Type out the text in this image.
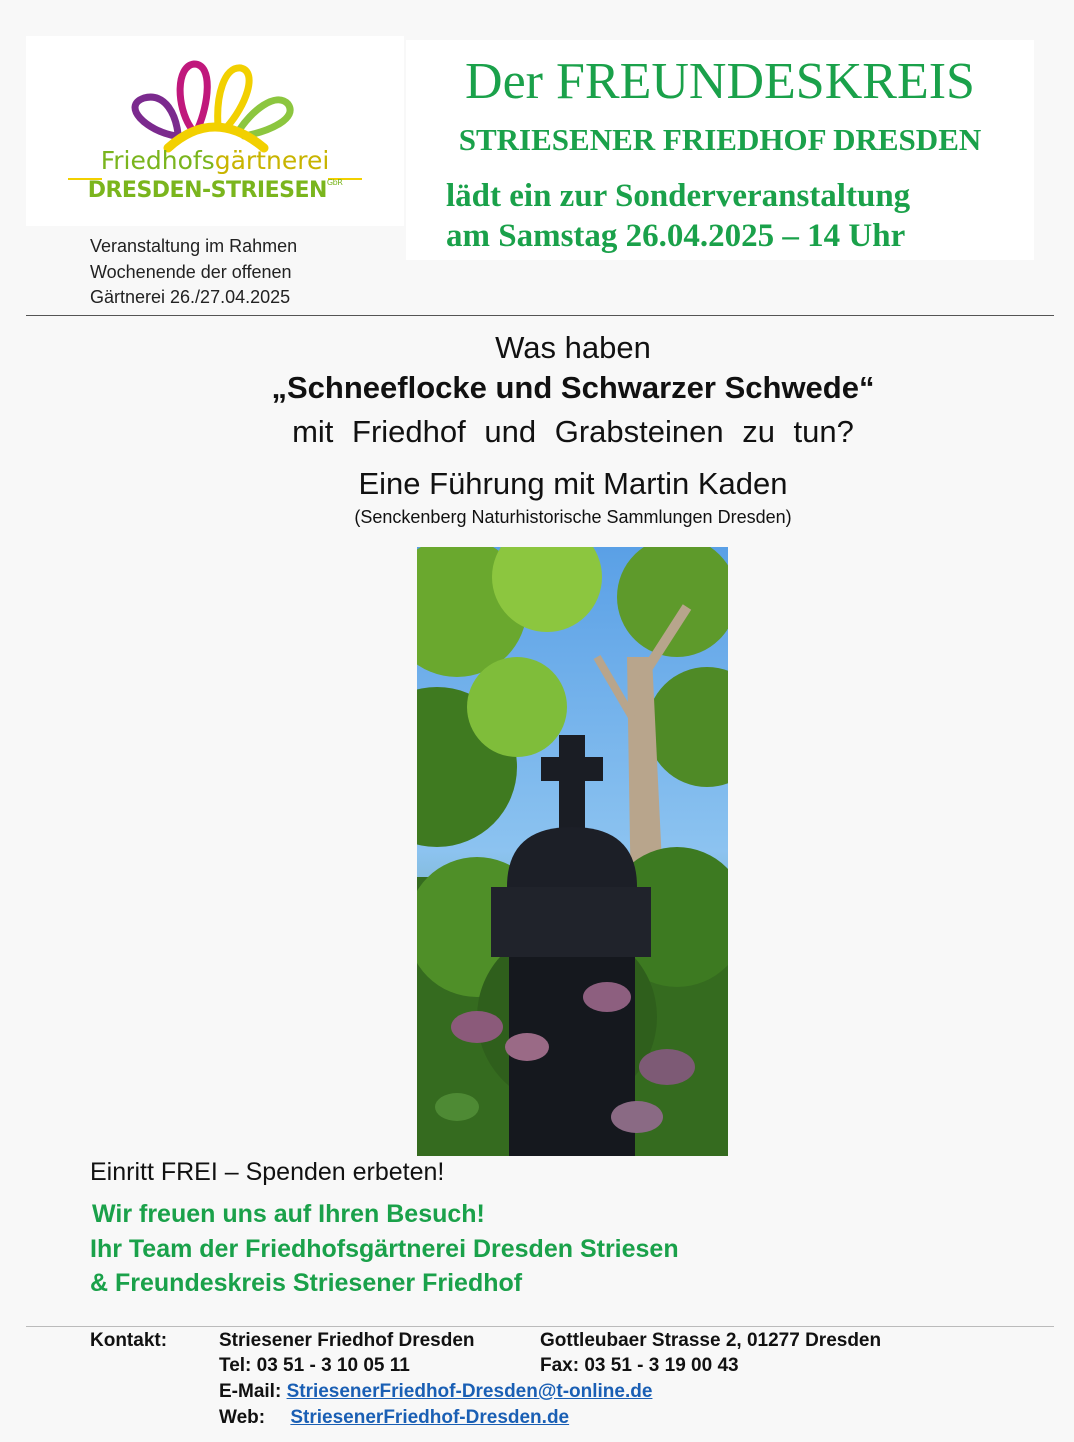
Friedhofsgärtnerei
DRESDEN-$STRIESEN^{GbR}$
Veranstaltung im Rahmen
Wochenende der offenen
Gärtnerei 26./27.04.2025
Der FREUNDESKREIS
STRIESENER FRIEDHOF DRESDEN
lädt ein zur Sonderveranstaltung
am Samstag 26.04.2025 – 14 Uhr
Was haben
„Schneeflocke und Schwarzer Schwede“
mit Friedhof und Grabsteinen zu tun?
Eine Führung mit Martin Kaden
(Senckenberg Naturhistorische Sammlungen Dresden)
Einritt FREI – Spenden erbeten!
Wir freuen uns auf Ihren Besuch!
Ihr Team der Friedhofsgärtnerei Dresden Striesen
& Freundeskreis Striesener Friedhof
Kontakt:	Striesener Friedhof Dresden	Gottleubaer Strasse 2, 01277 Dresden
Tel: 03 51 - 3 10 05 11	Fax: 03 51 - 3 19 00 43
E-Mail: StriesenerFriedhof-Dresden@t-online.de
Web: StriesenerFriedhof-Dresden.de
